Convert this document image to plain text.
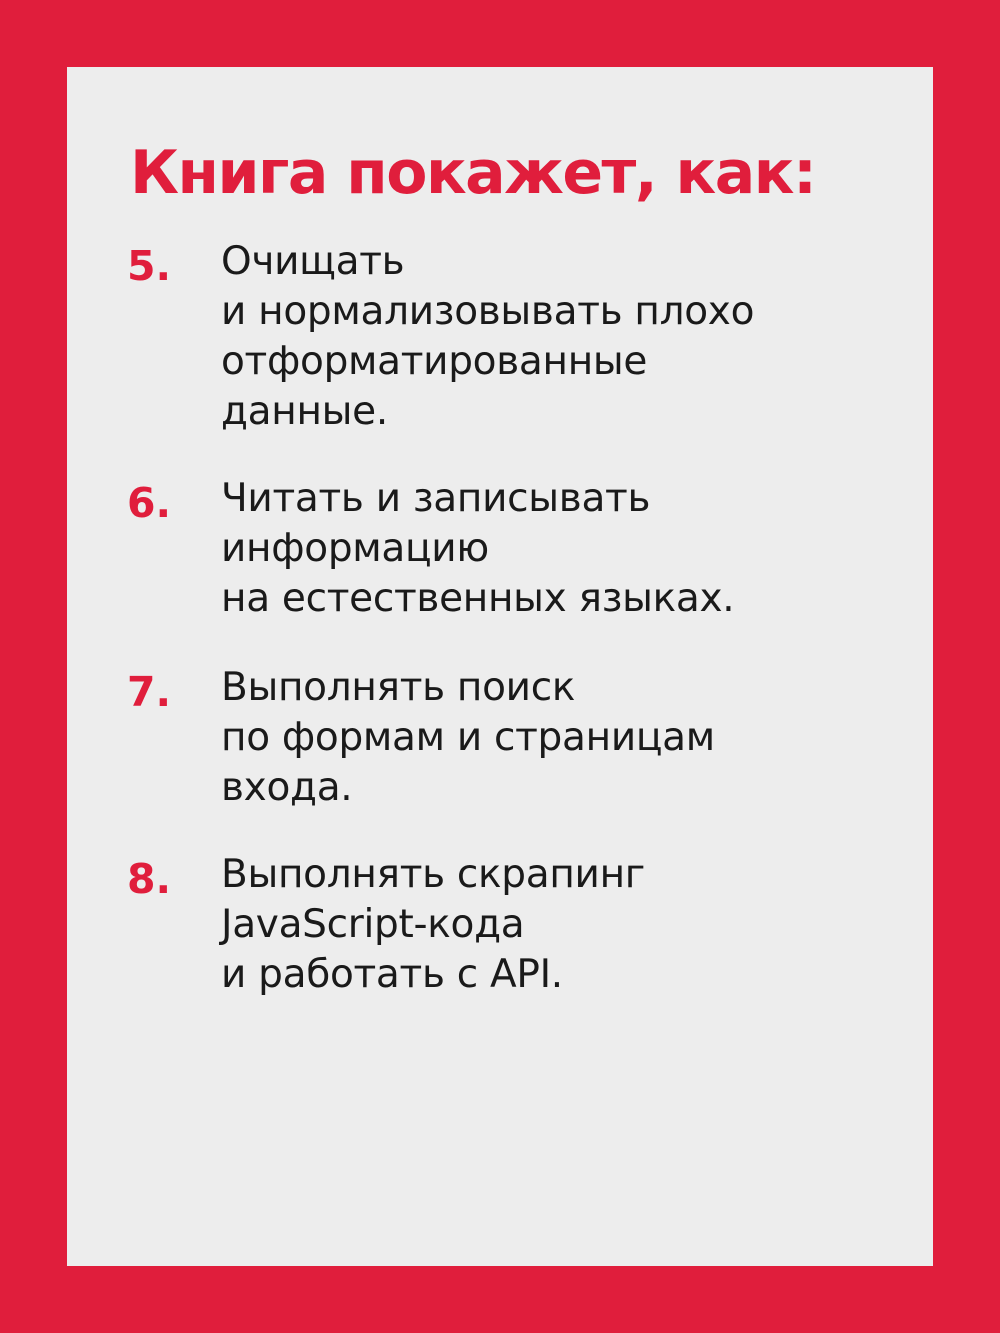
Книга покажет, как:
5. Очищать
и нормализовывать плохо
отформатированные
данные.
6. Читать и записывать
информацию
на естественных языках.
7. Выполнять поиск
по формам и страницам
входа.
8. Выполнять скрапинг
JavaScript-кода
и работать с API.
